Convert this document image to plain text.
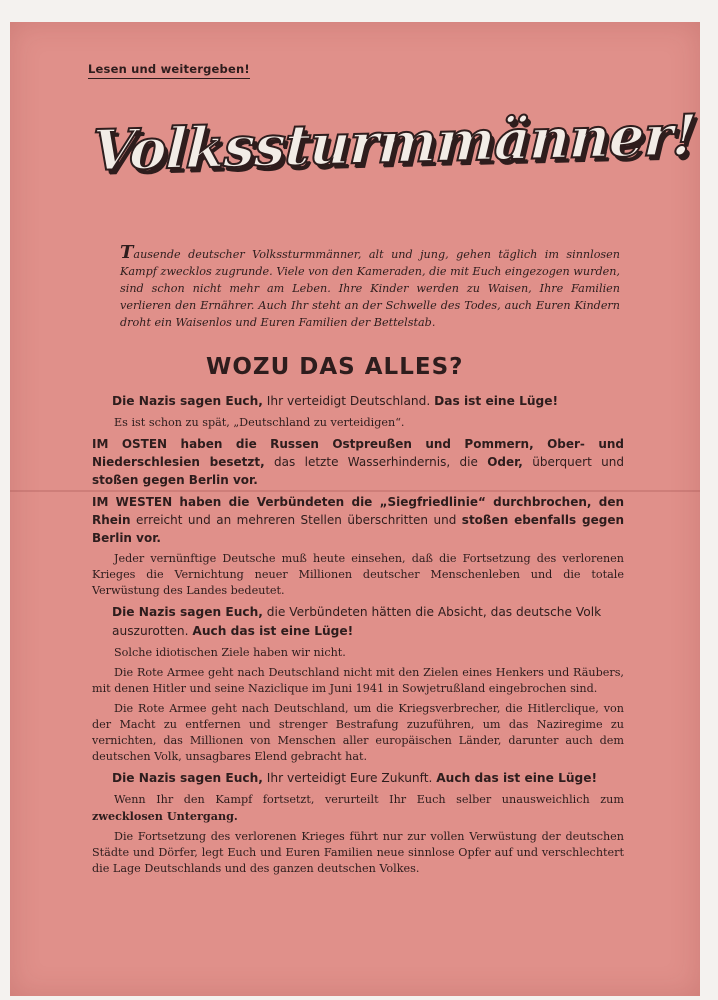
Lesen und weitergeben!
Volkssturmmänner!
Tausende deutscher Volkssturmmänner, alt und jung, gehen täglich im sinnlosen Kampf zwecklos zugrunde. Viele von den Kameraden, die mit Euch eingezogen wurden, sind schon nicht mehr am Leben. Ihre Kinder werden zu Waisen, Ihre Familien verlieren den Ernährer. Auch Ihr steht an der Schwelle des Todes, auch Euren Kindern droht ein Waisenlos und Euren Familien der Bettelstab.
WOZU DAS ALLES?

Die Nazis sagen Euch, Ihr verteidigt Deutschland. Das ist eine Lüge!

Es ist schon zu spät, „Deutschland zu verteidigen“.

IM OSTEN haben die Russen Ostpreußen und Pommern, Ober- und Niederschlesien besetzt, das letzte Wasserhindernis, die Oder, überquert und stoßen gegen Berlin vor.

IM WESTEN haben die Verbündeten die „Siegfriedlinie“ durchbrochen, den Rhein erreicht und an mehreren Stellen überschritten und stoßen ebenfalls gegen Berlin vor.

Jeder vernünftige Deutsche muß heute einsehen, daß die Fortsetzung des verlorenen Krieges die Vernichtung neuer Millionen deutscher Menschenleben und die totale Verwüstung des Landes bedeutet.

Die Nazis sagen Euch, die Verbündeten hätten die Absicht, das deutsche Volk auszurotten. Auch das ist eine Lüge!

Solche idiotischen Ziele haben wir nicht.

Die Rote Armee geht nach Deutschland nicht mit den Zielen eines Henkers und Räubers, mit denen Hitler und seine Naziclique im Juni 1941 in Sowjetrußland eingebrochen sind.

Die Rote Armee geht nach Deutschland, um die Kriegsverbrecher, die Hitlerclique, von der Macht zu entfernen und strenger Bestrafung zuzuführen, um das Naziregime zu vernichten, das Millionen von Menschen aller europäischen Länder, darunter auch dem deutschen Volk, unsagbares Elend gebracht hat.

Die Nazis sagen Euch, Ihr verteidigt Eure Zukunft. Auch das ist eine Lüge!

Wenn Ihr den Kampf fortsetzt, verurteilt Ihr Euch selber unausweichlich zum zwecklosen Untergang.

Die Fortsetzung des verlorenen Krieges führt nur zur vollen Verwüstung der deutschen Städte und Dörfer, legt Euch und Euren Familien neue sinnlose Opfer auf und verschlechtert die Lage Deutschlands und des ganzen deutschen Volkes.
